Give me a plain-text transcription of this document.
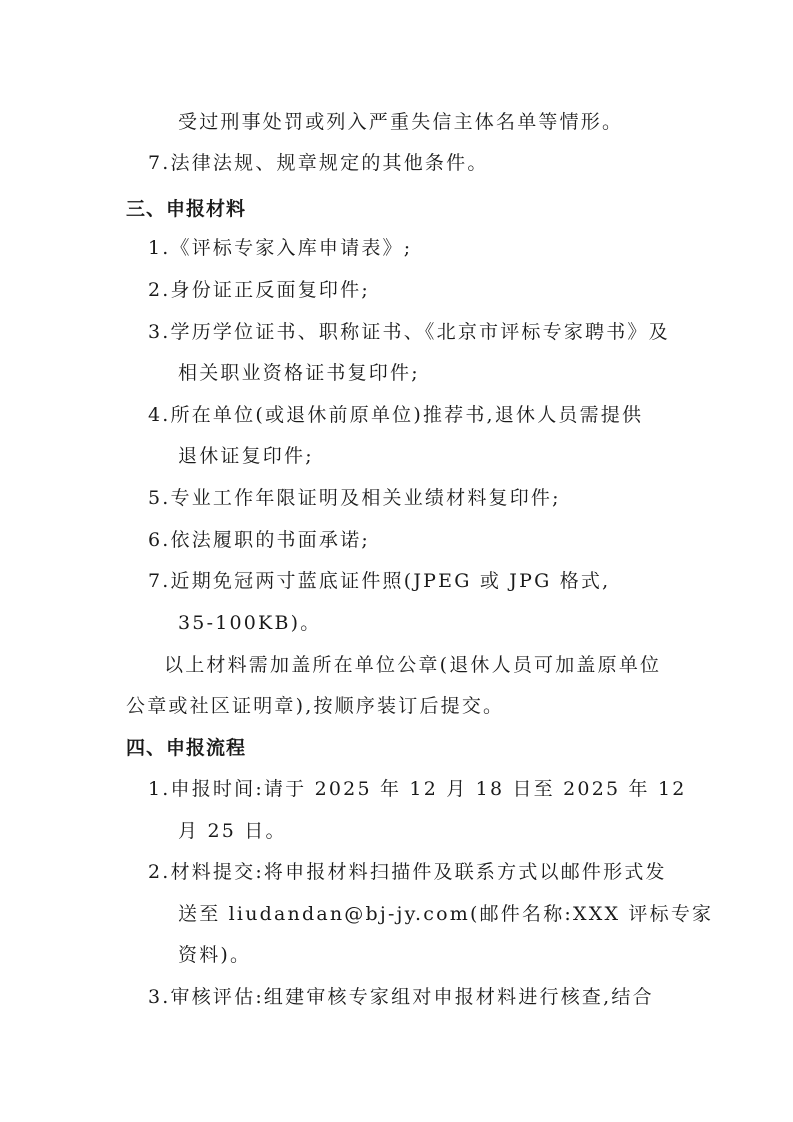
受过刑事处罚或列入严重失信主体名单等情形。
7.法律法规、规章规定的其他条件。
三、申报材料
1.《评标专家入库申请表》;
2.身份证正反面复印件;
3.学历学位证书、职称证书、《北京市评标专家聘书》及
相关职业资格证书复印件;
4.所在单位(或退休前原单位)推荐书,退休人员需提供
退休证复印件;
5.专业工作年限证明及相关业绩材料复印件;
6.依法履职的书面承诺;
7.近期免冠两寸蓝底证件照(JPEG 或 JPG 格式,
35-100KB)。
以上材料需加盖所在单位公章(退休人员可加盖原单位
公章或社区证明章),按顺序装订后提交。
四、申报流程
1.申报时间:请于 2025 年 12 月 18 日至 2025 年 12
月 25 日。
2.材料提交:将申报材料扫描件及联系方式以邮件形式发
送至 liudandan@bj-jy.com(邮件名称:XXX 评标专家
资料)。
3.审核评估:组建审核专家组对申报材料进行核查,结合
